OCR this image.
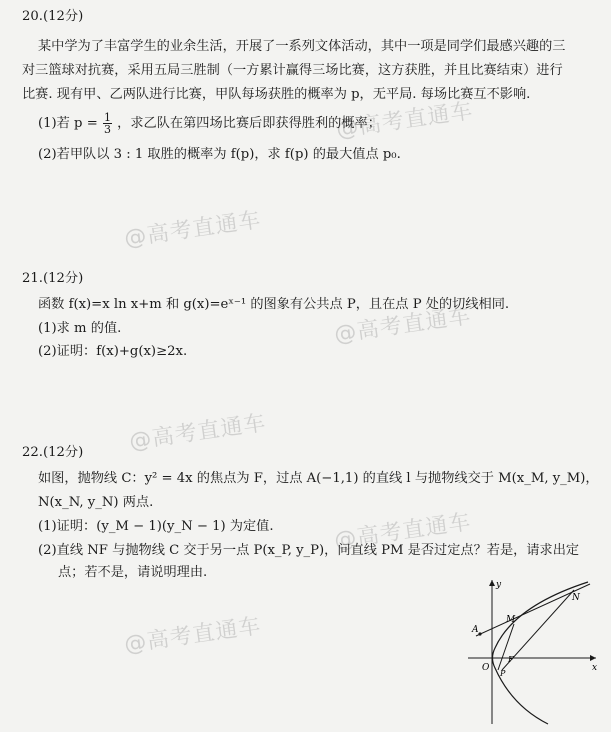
@高考直通车
@高考直通车
@高考直通车
@高考直通车
@高考直通车
@高考直通车
20.(12分)
某中学为了丰富学生的业余生活，开展了一系列文体活动，其中一项是同学们最感兴趣的三
对三篮球对抗赛，采用五局三胜制（一方累计赢得三场比赛，这方获胜，并且比赛结束）进行
比赛. 现有甲、乙两队进行比赛，甲队每场获胜的概率为 p，无平局. 每场比赛互不影响.
(1)若 $p = \frac{1}{3}$ ，求乙队在第四场比赛后即获得胜利的概率；
(2)若甲队以 3 : 1 取胜的概率为 f(p)，求 f(p) 的最大值点 p₀.
21.(12分)
函数 f(x)=x ln x+m 和 g(x)=eˣ⁻¹ 的图象有公共点 P，且在点 P 处的切线相同.
(1)求 m 的值.
(2)证明：f(x)+g(x)≥2x.
22.(12分)
如图，抛物线 C：y² = 4x 的焦点为 F，过点 A(−1,1) 的直线 l 与抛物线交于 M(x_M, y_M)，
N(x_N, y_N) 两点.
(1)证明：(y_M − 1)(y_N − 1) 为定值.
(2)直线 NF 与抛物线 C 交于另一点 P(x_P, y_P)，问直线 PM 是否过定点？若是，请求出定
点；若不是，请说明理由.
y
x
O
A
M
N
F
P
